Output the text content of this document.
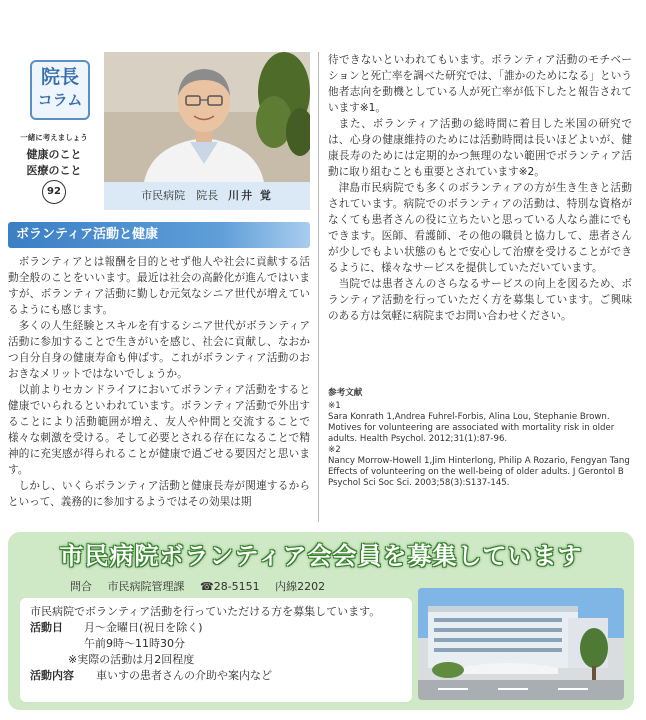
院長
コラム
一緒に考えましょう
健康のこと
医療のこと
92	市民病院　院長 川井 覚
ボランティア活動と健康

ボランティアとは報酬を目的とせず他人や社会に貢献する活動全般のことをいいます。最近は社会の高齢化が進んではいますが、ボランティア活動に勤しむ元気なシニア世代が増えているようにも感じます。

多くの人生経験とスキルを有するシニア世代がボランティア活動に参加することで生きがいを感じ、社会に貢献し、なおかつ自分自身の健康寿命も伸ばす。これがボランティア活動のおおきなメリットではないでしょうか。

以前よりセカンドライフにおいてボランティア活動をすると健康でいられるといわれています。ボランティア活動で外出することにより活動範囲が増え、友人や仲間と交流することで様々な刺激を受ける。そして必要とされる存在になることで精神的に充実感が得られることが健康で過ごせる要因だと思います。

しかし、いくらボランティア活動と健康長寿が関連するからといって、義務的に参加するようではその効果は期

待できないといわれてもいます。ボランティア活動のモチベーションと死亡率を調べた研究では、「誰かのためになる」という他者志向を動機としている人が死亡率が低下したと報告されています※1。

また、ボランティア活動の総時間に着目した米国の研究では、心身の健康維持のためには活動時間は長いほどよいが、健康長寿のためには定期的かつ無理のない範囲でボランティア活動に取り組むことも重要とされています※2。

津島市民病院でも多くのボランティアの方が生き生きと活動されています。病院でのボランティアの活動は、特別な資格がなくても患者さんの役に立ちたいと思っている人なら誰にでもできます。医師、看護師、その他の職員と協力して、患者さんが少しでもよい状態のもとで安心して治療を受けることができるように、様々なサービスを提供していただいています。

当院では患者さんのさらなるサービスの向上を図るため、ボランティア活動を行っていただく方を募集しています。ご興味のある方は気軽に病院までお問い合わせください。

参考文献
※1
Sara Konrath 1,Andrea Fuhrel-Forbis, Alina Lou, Stephanie Brown. Motives for volunteering are associated with mortality risk in older adults. Health Psychol. 2012;31(1):87-96.
※2
Nancy Morrow-Howell 1,Jim Hinterlong, Philip A Rozario, Fengyan Tang Effects of volunteering on the well-being of older adults. J Gerontol B Psychol Sci Soc Sci. 2003;58(3):S137-145.
市民病院ボランティア会会員を募集しています
問合 市民病院管理課 ☎28-5151 内線2202
市民病院でボランティア活動を行っていただける方を募集しています。
活動日 月～金曜日(祝日を除く)
午前9時～11時30分
※実際の活動は月2回程度
活動内容 車いすの患者さんの介助や案内など
